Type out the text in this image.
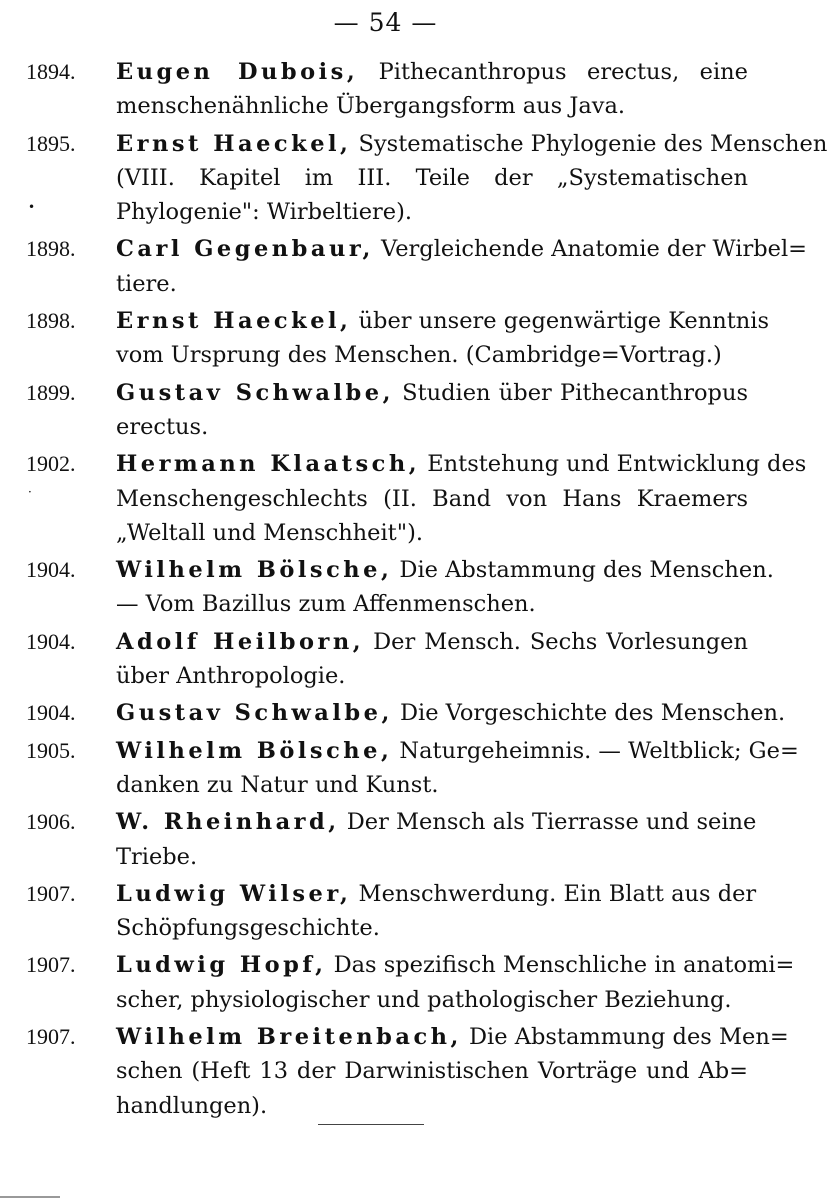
— 54 —
1894. Eugen Dubois, Pithecanthropus erectus, eine
menschenähnliche Übergangsform aus Java.
1895. Ernst Haeckel, Systematische Phylogenie des Menschen
(VIII. Kapitel im III. Teile der „Systematischen
Phylogenie": Wirbeltiere).
•
1898. Carl Gegenbaur, Vergleichende Anatomie der Wirbel=
tiere.
1898. Ernst Haeckel, über unsere gegenwärtige Kenntnis
vom Ursprung des Menschen. (Cambridge=Vortrag.)
1899. Gustav Schwalbe, Studien über Pithecanthropus
erectus.
1902. Hermann Klaatsch, Entstehung und Entwicklung des
Menschengeschlechts (II. Band von Hans Kraemers
„Weltall und Menschheit").
·
1904. Wilhelm Bölsche, Die Abstammung des Menschen.
— Vom Bazillus zum Affenmenschen.
1904. Adolf Heilborn, Der Mensch. Sechs Vorlesungen
über Anthropologie.
1904. Gustav Schwalbe, Die Vorgeschichte des Menschen.
1905. Wilhelm Bölsche, Naturgeheimnis. — Weltblick; Ge=
danken zu Natur und Kunst.
1906. W. Rheinhard, Der Mensch als Tierrasse und seine
Triebe.
1907. Ludwig Wilser, Menschwerdung. Ein Blatt aus der
Schöpfungsgeschichte.
1907. Ludwig Hopf, Das spezifisch Menschliche in anatomi=
scher, physiologischer und pathologischer Beziehung.
1907. Wilhelm Breitenbach, Die Abstammung des Men=
schen (Heft 13 der Darwinistischen Vorträge und Ab=
handlungen).
